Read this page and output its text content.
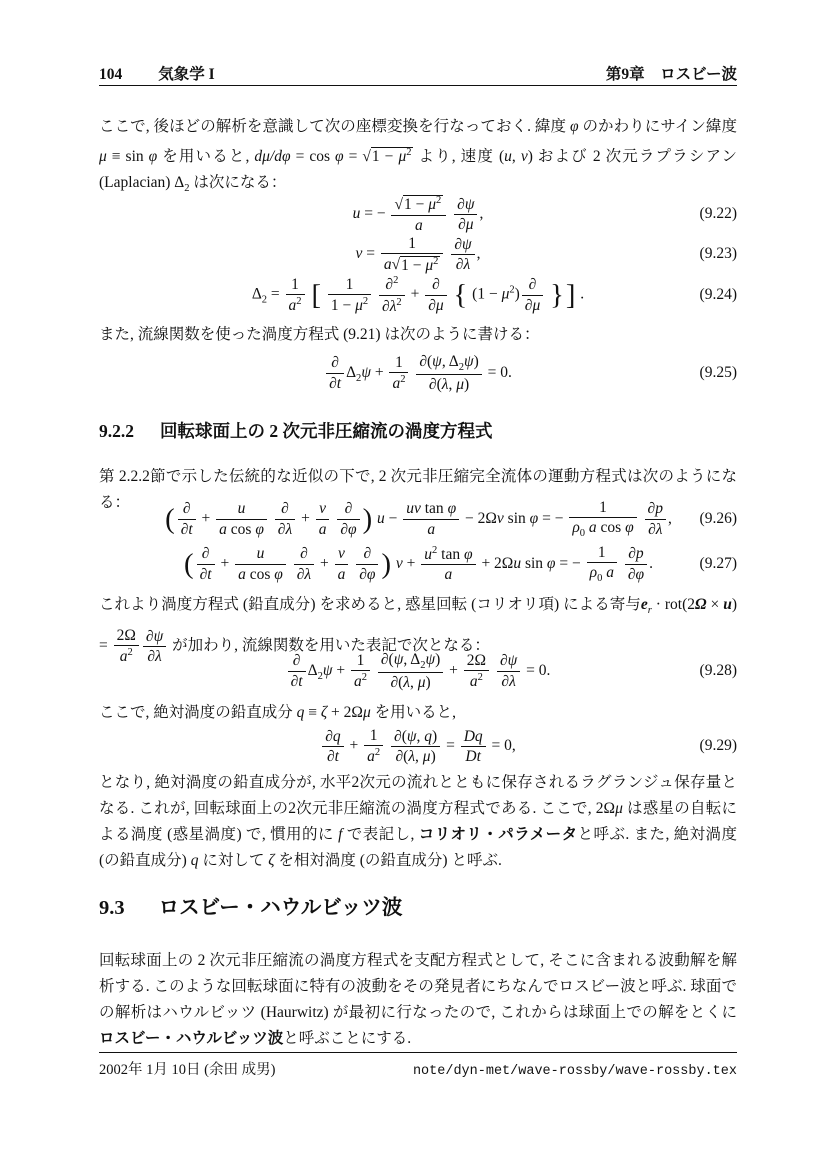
104 気象学 I	第9章　ロスビー波
ここで, 後ほどの解析を意識して次の座標変換を行なっておく. 緯度 φ のかわりにサイン緯度 μ ≡ sin φ を用いると, $d\mu/d\varphi = \cos \varphi = √1 - \mu^2$ より, 速度 (u, v) および 2 次元ラプラシアン (Laplacian) $\Delta_2$ は次になる：
u = − $\frac{√1 - \mu^2}{a}$
$\frac{\partial\psi}{\partial\mu}$ ,	(9.22)
$v = \frac{1}{a√1 - \mu^2}$
$\frac{\partial\psi}{\partial\lambda}$ ,	(9.23)
$\Delta_2 = \frac{1}{a^2}$ [ $\frac{1}{1 - \mu^2}$
$\frac{\partial^2}{\partial\lambda^2}$ +
∂
∂μ { $(1 - \mu^2)$
∂
∂μ }] .	(9.24)
また, 流線関数を使った渦度方程式 (9.21) は次のように書ける：
∂
∂t
$\Delta_2\psi + \frac{1}{a^2}$
$\frac{\partial(\psi, \Delta_2\psi)}{\partial(\lambda, \mu)} = 0$.	(9.25)
9.2.2 回転球面上の 2 次元非圧縮流の渦度方程式
第 2.2.2節で示した伝統的な近似の下で, 2 次元非圧縮完全流体の運動方程式は次のようになる：
( ∂
∂t
+ $\frac{u}{\text{a cos φ}}$
∂
∂λ
+ $\frac{v}{a}$
∂
∂φ ) $u - \frac{\text{uv tan φ}}{a} - 2\Omega v$ sin φ = − $\frac{1}{\rho_0 a \cos \varphi}$
$\frac{\partial p}{\partial\lambda}$ , (9.26)
( ∂
∂t
+ $\frac{u}{\text{a cos φ}}$
∂
∂λ
+ $\frac{v}{a}$
∂
∂φ ) $v + \frac{u^2 \tan \varphi}{a} + 2\Omega u$ sin φ = − $\frac{1}{\rho_0 a}$
$\frac{\partial p}{\partial\varphi}$ .	(9.27)
これより渦度方程式 (鉛直成分) を求めると, 惑星回転 (コリオリ項) による寄与$e_r \cdot rot(2\Omega \times u) = \frac{2\Omega}{a^2} \frac{\partial\psi}{\partial\lambda}$ が加わり, 流線関数を用いた表記で次となる：
∂
∂t
$\Delta_2\psi + \frac{1}{a^2}$
$\frac{\partial(\psi, \Delta_2\psi)}{\partial(\lambda, \mu)} + \frac{2\Omega}{a^2}$
$\frac{\partial\psi}{\partial\lambda} = 0$.	(9.28)
ここで, 絶対渦度の鉛直成分 q ≡ ζ + 2Ωμ を用いると,
$\frac{\partial q}{\partial t} + \frac{1}{a^2}$
$\frac{\partial(\psi, q)}{\partial(\lambda, \mu)} = \frac{Dq}{Dt} = 0$,	(9.29)
となり, 絶対渦度の鉛直成分が, 水平2次元の流れとともに保存されるラグランジュ保存量となる. これが, 回転球面上の2次元非圧縮流の渦度方程式である. ここで, 2Ωμ は惑星の自転による渦度 (惑星渦度) で, 慣用的に f で表記し, コリオリ・パラメータと呼ぶ. また, 絶対渦度 (の鉛直成分) q に対して ζ を相対渦度 (の鉛直成分) と呼ぶ.
9.3 ロスビー・ハウルビッツ波
回転球面上の 2 次元非圧縮流の渦度方程式を支配方程式として, そこに含まれる波動解を解析する. このような回転球面に特有の波動をその発見者にちなんでロスビー波と呼ぶ. 球面での解析はハウルビッツ (Haurwitz) が最初に行なったので, これからは球面上での解をとくにロスビー・ハウルビッツ波と呼ぶことにする.
2002年 1月 10日 (余田 成男)	note/dyn-met/wave-rossby/wave-rossby.tex
